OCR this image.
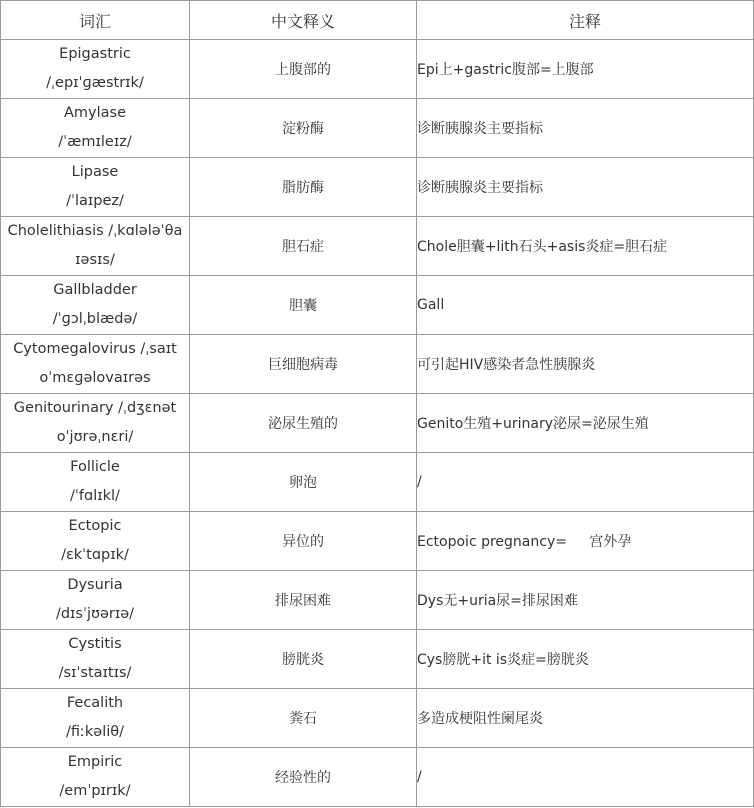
词汇	中文释义	注释

Epigastric
/ˌepɪˈɡæstrɪk/	上腹部的	Epi上+gastric腹部=上腹部

Amylase
/ˈæmɪleɪz/	淀粉酶	诊断胰腺炎主要指标

Lipase
/ˈlaɪpez/	脂肪酶	诊断胰腺炎主要指标

Cholelithiasis /ˌkɑlələˈθa
ɪəsɪs/	胆石症	Chole胆囊+lith石头+asis炎症=胆石症

Gallbladder
/ˈɡɔlˌblædə/	胆囊	Gall

Cytomegalovirus /ˌsaɪt
oˈmɛɡəlovaɪrəs	巨细胞病毒	可引起HIV感染者急性胰腺炎

Genitourinary /ˌdʒɛnət
oˈjʊrəˌnɛri/	泌尿生殖的	Genito生殖+urinary泌尿=泌尿生殖

Follicle
/ˈfɑlɪkl/	卵泡	/

Ectopic
/ɛkˈtɑpɪk/	异位的	Ectopoic pregnancy=     宫外孕

Dysuria
/dɪsˈjʊərɪə/	排尿困难	Dys无+uria尿=排尿困难

Cystitis
/sɪˈstaɪtɪs/	膀胱炎	Cys膀胱+it is炎症=膀胱炎

Fecalith
/fiːkəliθ/	粪石	多造成梗阻性阑尾炎

Empiric
/emˈpɪrɪk/	经验性的	/
